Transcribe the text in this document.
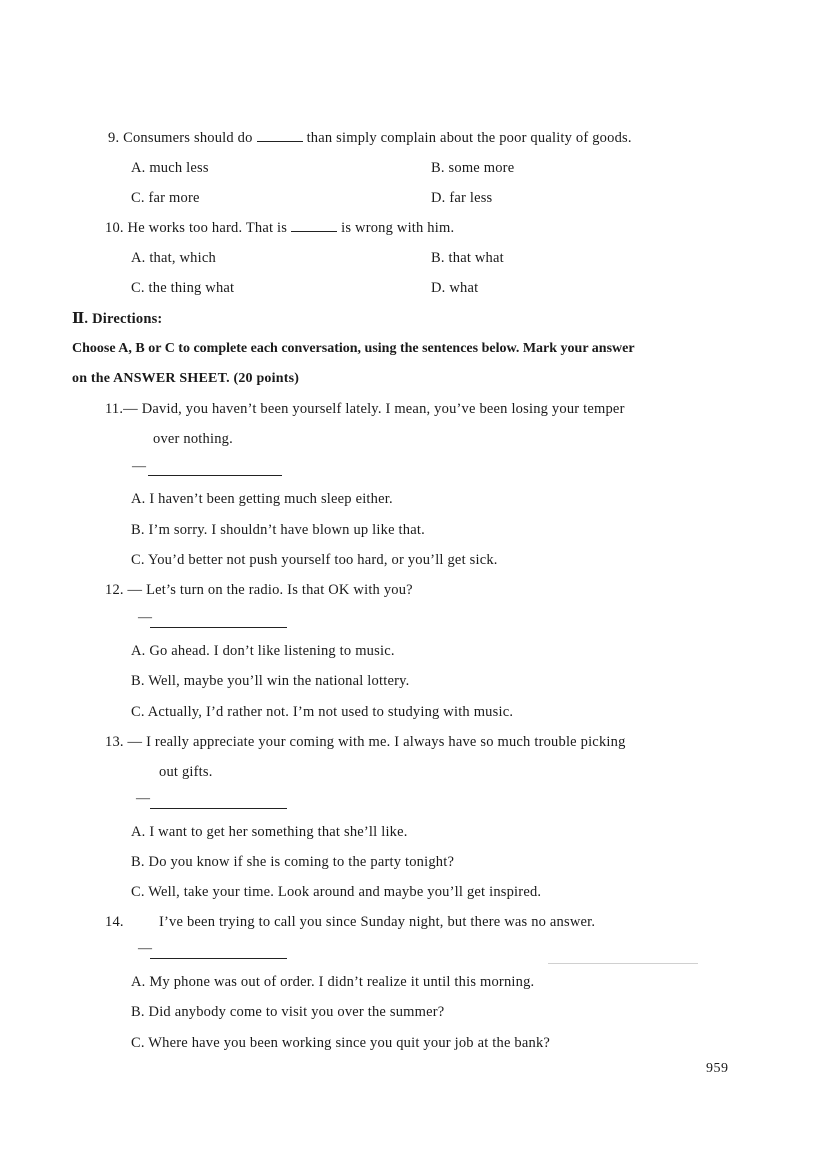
9. Consumers should do	than simply complain about the poor quality of goods.
A. much less	B. some more
C. far more	D. far less
10. He works too hard. That is	is wrong with him.
A. that, which	B. that what
C. the thing what	D. what
Ⅱ. Directions:
Choose A, B or C to complete each conversation, using the sentences below. Mark your answer
on the ANSWER SHEET. (20 points)
11.— David, you haven’t been yourself lately. I mean, you’ve been losing your temper
over nothing.
—
A. I haven’t been getting much sleep either.
B. I’m sorry. I shouldn’t have blown up like that.
C. You’d better not push yourself too hard, or you’ll get sick.
12. — Let’s turn on the radio. Is that OK with you?
—
A. Go ahead. I don’t like listening to music.
B. Well, maybe you’ll win the national lottery.
C. Actually, I’d rather not. I’m not used to studying with music.
13. — I really appreciate your coming with me. I always have so much trouble picking
out gifts.
—
A. I want to get her something that she’ll like.
B. Do you know if she is coming to the party tonight?
C. Well, take your time. Look around and maybe you’ll get inspired.
14. I’ve been trying to call you since Sunday night, but there was no answer.
—
A. My phone was out of order. I didn’t realize it until this morning.
B. Did anybody come to visit you over the summer?
C. Where have you been working since you quit your job at the bank?
959
